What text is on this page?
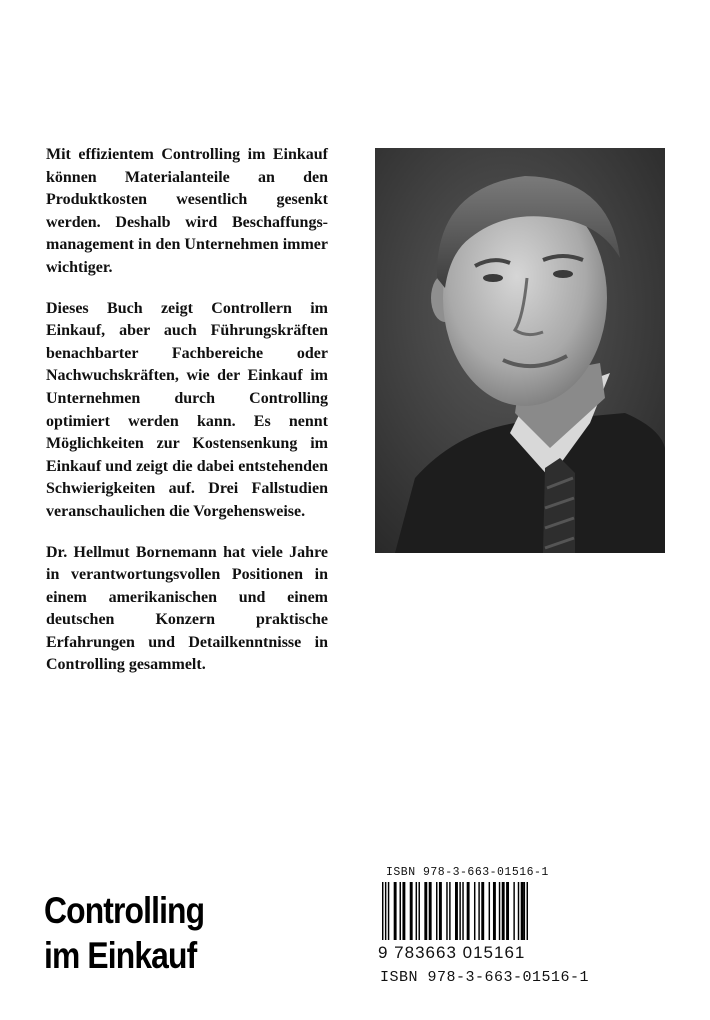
Mit effizientem Controlling im Einkauf können Materialanteile an den Produktkosten wesentlich gesenkt werden. Deshalb wird Beschaffungsmanagement in den Unternehmen immer wichtiger.

Dieses Buch zeigt Controllern im Einkauf, aber auch Führungskräften benachbarter Fachbereiche oder Nachwuchskräften, wie der Einkauf im Unternehmen durch Controlling optimiert werden kann. Es nennt Möglichkeiten zur Kostensenkung im Einkauf und zeigt die dabei entstehenden Schwierigkeiten auf. Drei Fallstudien veranschaulichen die Vorgehensweise.

Dr. Hellmut Bornemann hat viele Jahre in verantwortungsvollen Positionen in einem amerikanischen und einem deutschen Konzern praktische Erfahrungen und Detailkenntnisse in Controlling gesammelt.

Controlling
im Einkauf
ISBN 978-3-663-01516-1
9 783663 015161
ISBN 978-3-663-01516-1
